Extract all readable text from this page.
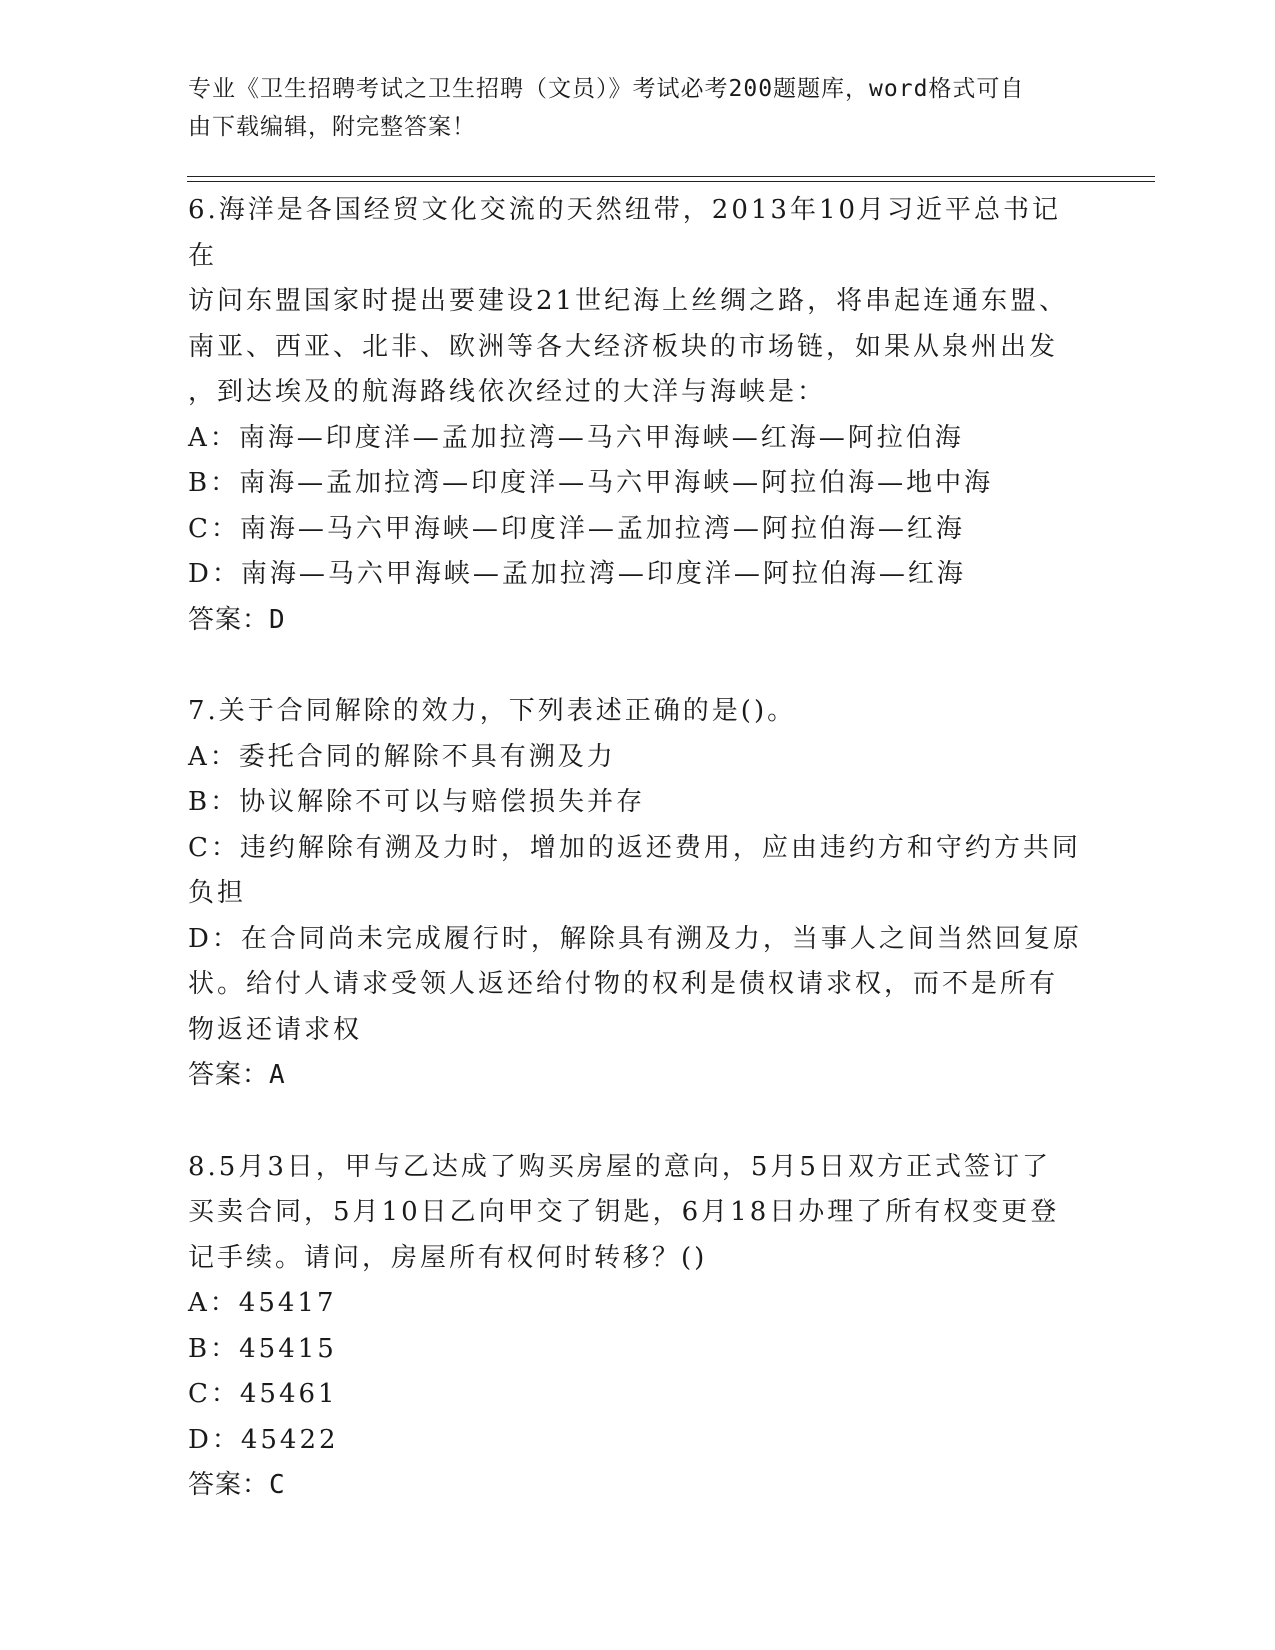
专业《卫生招聘考试之卫生招聘（文员）》考试必考200题题库，word格式可自
由下载编辑，附完整答案！
6.海洋是各国经贸文化交流的天然纽带，2013年10月习近平总书记在
访问东盟国家时提出要建设21世纪海上丝绸之路，将串起连通东盟、
南亚、西亚、北非、欧洲等各大经济板块的市场链，如果从泉州出发
，到达埃及的航海路线依次经过的大洋与海峡是：
A：南海—印度洋—孟加拉湾—马六甲海峡—红海—阿拉伯海
B：南海—孟加拉湾—印度洋—马六甲海峡—阿拉伯海—地中海
C：南海—马六甲海峡—印度洋—孟加拉湾—阿拉伯海—红海
D：南海—马六甲海峡—孟加拉湾—印度洋—阿拉伯海—红海
答案：D
7.关于合同解除的效力，下列表述正确的是()。
A：委托合同的解除不具有溯及力
B：协议解除不可以与赔偿损失并存
C：违约解除有溯及力时，增加的返还费用，应由违约方和守约方共同
负担
D：在合同尚未完成履行时，解除具有溯及力，当事人之间当然回复原
状。给付人请求受领人返还给付物的权利是债权请求权，而不是所有
物返还请求权
答案：A
8.5月3日，甲与乙达成了购买房屋的意向，5月5日双方正式签订了
买卖合同，5月10日乙向甲交了钥匙，6月18日办理了所有权变更登
记手续。请问，房屋所有权何时转移？()
A：45417
B：45415
C：45461
D：45422
答案：C
